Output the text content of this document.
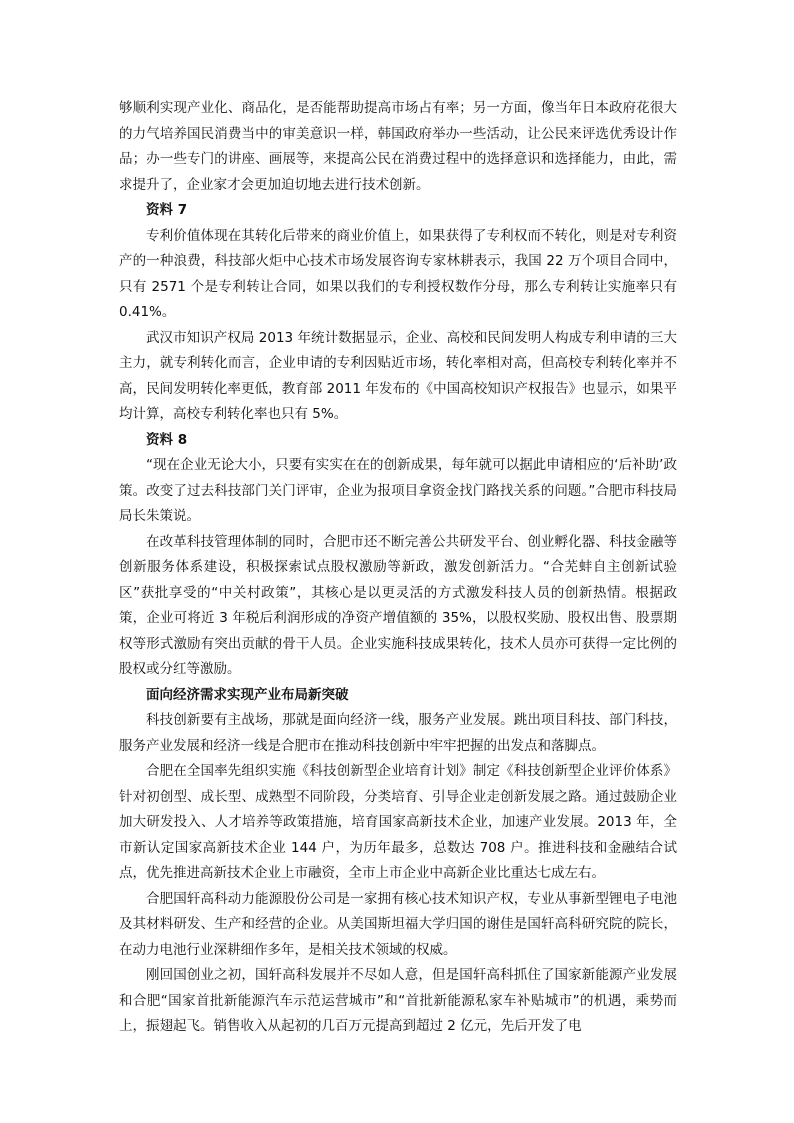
够顺利实现产业化、商品化，是否能帮助提高市场占有率；另一方面，像当年日本政府花很大的力气培养国民消费当中的审美意识一样，韩国政府举办一些活动，让公民来评选优秀设计作品；办一些专门的讲座、画展等，来提高公民在消费过程中的选择意识和选择能力，由此，需求提升了，企业家才会更加迫切地去进行技术创新。

资料 7

专利价值体现在其转化后带来的商业价值上，如果获得了专利权而不转化，则是对专利资产的一种浪费，科技部火炬中心技术市场发展咨询专家林耕表示，我国 22 万个项目合同中，只有 2571 个是专利转让合同，如果以我们的专利授权数作分母，那么专利转让实施率只有 0.41%。

武汉市知识产权局 2013 年统计数据显示，企业、高校和民间发明人构成专利申请的三大主力，就专利转化而言，企业申请的专利因贴近市场，转化率相对高，但高校专利转化率并不高，民间发明转化率更低，教育部 2011 年发布的《中国高校知识产权报告》也显示，如果平均计算，高校专利转化率也只有 5%。

资料 8

“现在企业无论大小，只要有实实在在的创新成果，每年就可以据此申请相应的‘后补助’政策。改变了过去科技部门关门评审，企业为报项目拿资金找门路找关系的问题。”合肥市科技局局长朱策说。

在改革科技管理体制的同时，合肥市还不断完善公共研发平台、创业孵化器、科技金融等创新服务体系建设，积极探索试点股权激励等新政，激发创新活力。“合芜蚌自主创新试验区”获批享受的“中关村政策”，其核心是以更灵活的方式激发科技人员的创新热情。根据政策，企业可将近 3 年税后利润形成的净资产增值额的 35%，以股权奖励、股权出售、股票期权等形式激励有突出贡献的骨干人员。企业实施科技成果转化，技术人员亦可获得一定比例的股权或分红等激励。

面向经济需求实现产业布局新突破

科技创新要有主战场，那就是面向经济一线，服务产业发展。跳出项目科技、部门科技，服务产业发展和经济一线是合肥市在推动科技创新中牢牢把握的出发点和落脚点。

合肥在全国率先组织实施《科技创新型企业培育计划》制定《科技创新型企业评价体系》针对初创型、成长型、成熟型不同阶段，分类培育、引导企业走创新发展之路。通过鼓励企业加大研发投入、人才培养等政策措施，培育国家高新技术企业，加速产业发展。2013 年，全市新认定国家高新技术企业 144 户，为历年最多，总数达 708 户。推进科技和金融结合试点，优先推进高新技术企业上市融资，全市上市企业中高新企业比重达七成左右。

合肥国轩高科动力能源股份公司是一家拥有核心技术知识产权，专业从事新型锂电子电池及其材料研发、生产和经营的企业。从美国斯坦福大学归国的谢佳是国轩高科研究院的院长，在动力电池行业深耕细作多年，是相关技术领域的权威。

刚回国创业之初，国轩高科发展并不尽如人意，但是国轩高科抓住了国家新能源产业发展和合肥“国家首批新能源汽车示范运营城市”和“首批新能源私家车补贴城市”的机遇，乘势而上，振翅起飞。销售收入从起初的几百万元提高到超过 2 亿元，先后开发了电
